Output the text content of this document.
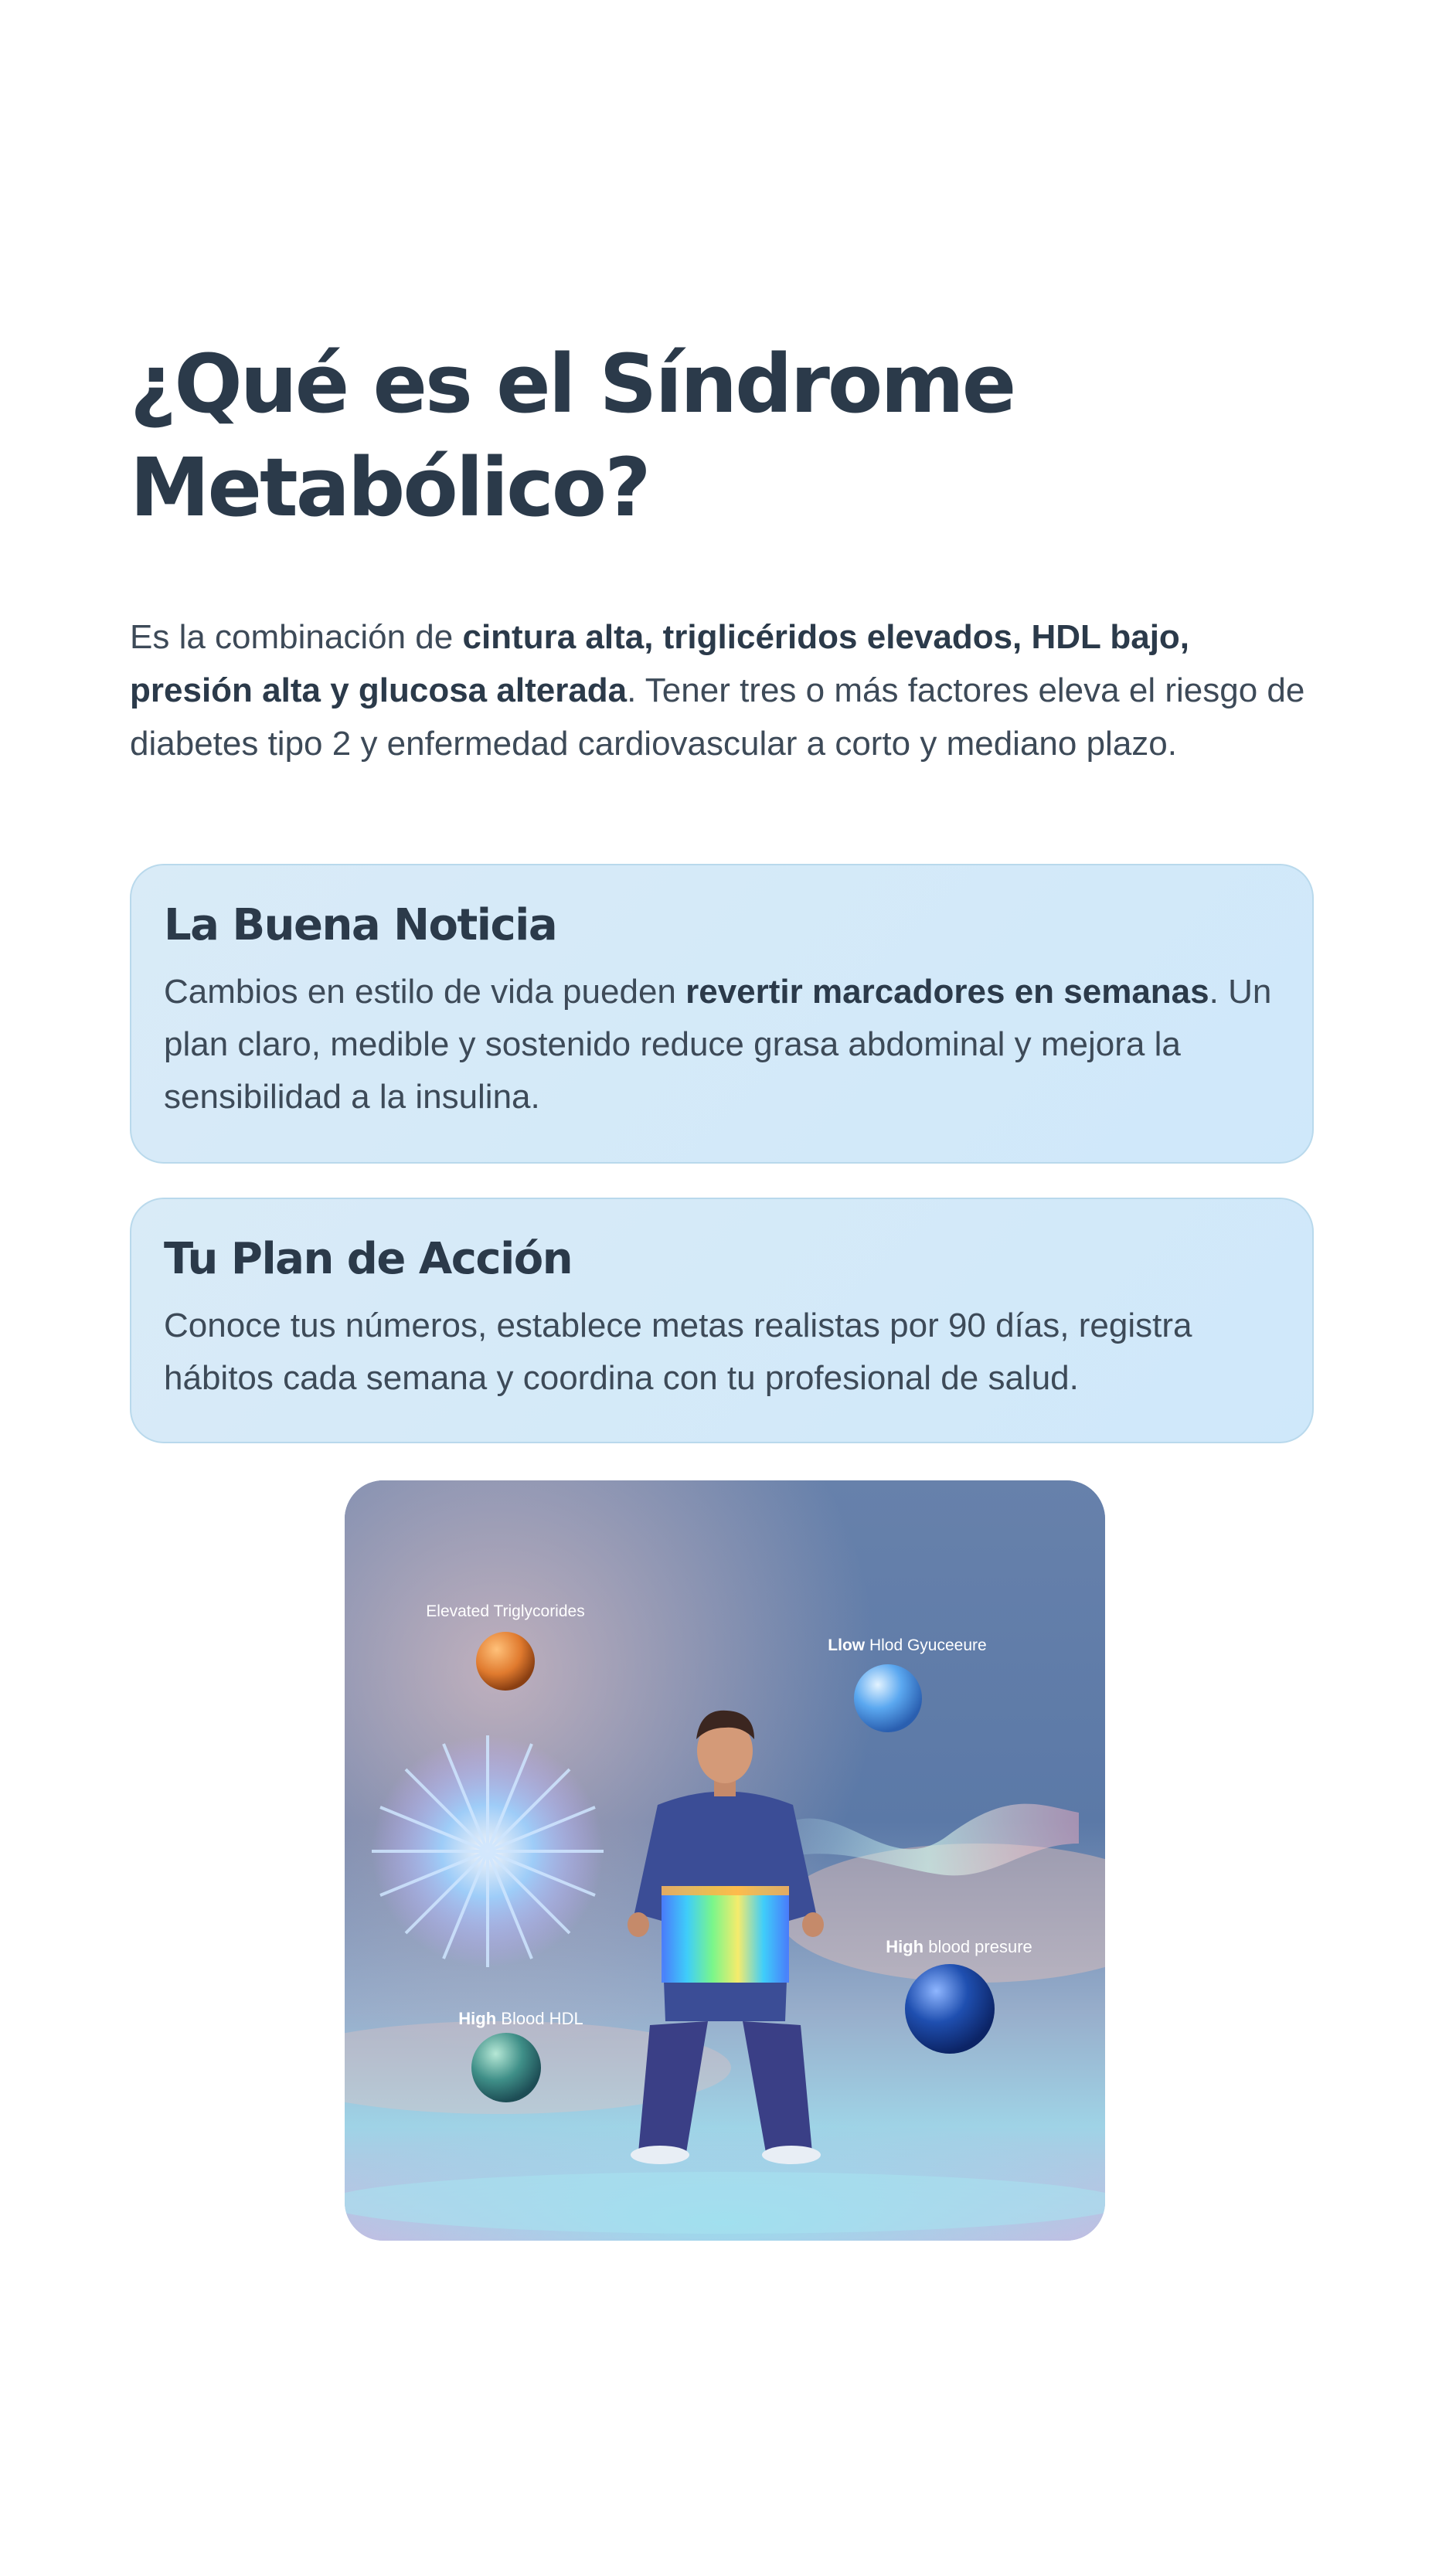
¿Qué es el Síndrome Metabólico?

Es la combinación de cintura alta, triglicéridos elevados, HDL bajo, presión alta y glucosa alterada. Tener tres o más factores eleva el riesgo de diabetes tipo 2 y enfermedad cardiovascular a corto y mediano plazo.

La Buena Noticia

Cambios en estilo de vida pueden revertir marcadores en semanas. Un plan claro, medible y sostenido reduce grasa abdominal y mejora la sensibilidad a la insulina.

Tu Plan de Acción

Conoce tus números, establece metas realistas por 90 días, registra hábitos cada semana y coordina con tu profesional de salud.

Elevated Triglycorides
Llow Hlod Gyuceeure
High blood presure
High Blood HDL
